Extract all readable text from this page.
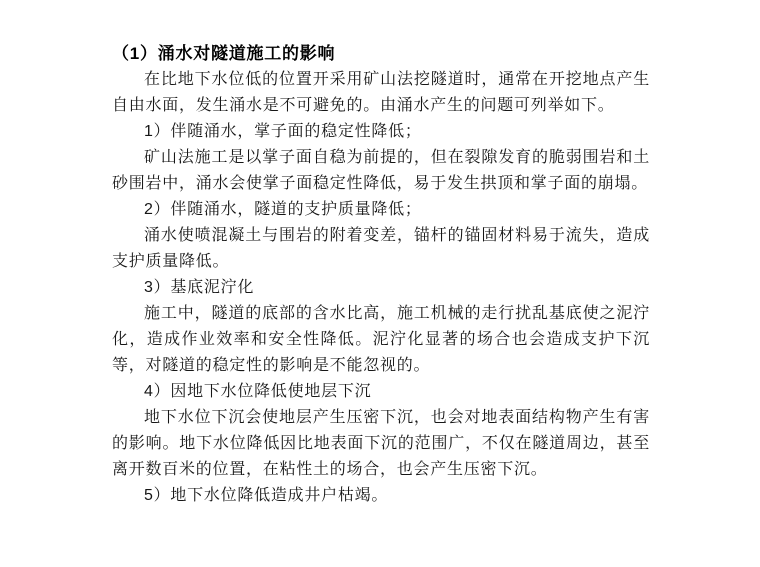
（1）涌水对隧道施工的影响

在比地下水位低的位置开采用矿山法挖隧道时，通常在开挖地点产生自由水面，发生涌水是不可避免的。由涌水产生的问题可列举如下。

1）伴随涌水，掌子面的稳定性降低；

矿山法施工是以掌子面自稳为前提的，但在裂隙发育的脆弱围岩和土砂围岩中，涌水会使掌子面稳定性降低，易于发生拱顶和掌子面的崩塌。

2）伴随涌水，隧道的支护质量降低；

涌水使喷混凝土与围岩的附着变差，锚杆的锚固材料易于流失，造成支护质量降低。

3）基底泥泞化

施工中，隧道的底部的含水比高，施工机械的走行扰乱基底使之泥泞化，造成作业效率和安全性降低。泥泞化显著的场合也会造成支护下沉等，对隧道的稳定性的影响是不能忽视的。

4）因地下水位降低使地层下沉

地下水位下沉会使地层产生压密下沉，也会对地表面结构物产生有害的影响。地下水位降低因比地表面下沉的范围广，不仅在隧道周边，甚至离开数百米的位置，在粘性土的场合，也会产生压密下沉。

5）地下水位降低造成井户枯竭。
